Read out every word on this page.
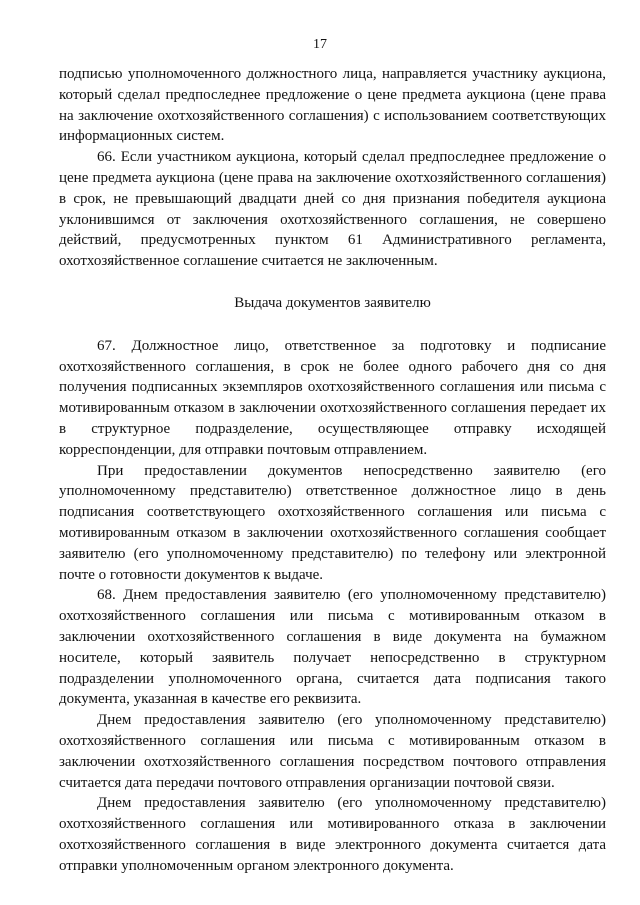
17

подписью уполномоченного должностного лица, направляется участнику аукциона, который сделал предпоследнее предложение о цене предмета аукциона (цене права на заключение охотхозяйственного соглашения) с использованием соответствующих информационных систем.

66. Если участником аукциона, который сделал предпоследнее предложение о цене предмета аукциона (цене права на заключение охотхозяйственного соглашения) в срок, не превышающий двадцати дней со дня признания победителя аукциона уклонившимся от заключения охотхозяйственного соглашения, не совершено действий, предусмотренных пунктом 61 Административного регламента, охотхозяйственное соглашение считается не заключенным.

Выдача документов заявителю

67. Должностное лицо, ответственное за подготовку и подписание охотхозяйственного соглашения, в срок не более одного рабочего дня со дня получения подписанных экземпляров охотхозяйственного соглашения или письма с мотивированным отказом в заключении охотхозяйственного соглашения передает их в структурное подразделение, осуществляющее отправку исходящей корреспонденции, для отправки почтовым отправлением.

При предоставлении документов непосредственно заявителю (его уполномоченному представителю) ответственное должностное лицо в день подписания соответствующего охотхозяйственного соглашения или письма с мотивированным отказом в заключении охотхозяйственного соглашения сообщает заявителю (его уполномоченному представителю) по телефону или электронной почте о готовности документов к выдаче.

68. Днем предоставления заявителю (его уполномоченному представителю) охотхозяйственного соглашения или письма с мотивированным отказом в заключении охотхозяйственного соглашения в виде документа на бумажном носителе, который заявитель получает непосредственно в структурном подразделении уполномоченного органа, считается дата подписания такого документа, указанная в качестве его реквизита.

Днем предоставления заявителю (его уполномоченному представителю) охотхозяйственного соглашения или письма с мотивированным отказом в заключении охотхозяйственного соглашения посредством почтового отправления считается дата передачи почтового отправления организации почтовой связи.

Днем предоставления заявителю (его уполномоченному представителю) охотхозяйственного соглашения или мотивированного отказа в заключении охотхозяйственного соглашения в виде электронного документа считается дата отправки уполномоченным органом электронного документа.
